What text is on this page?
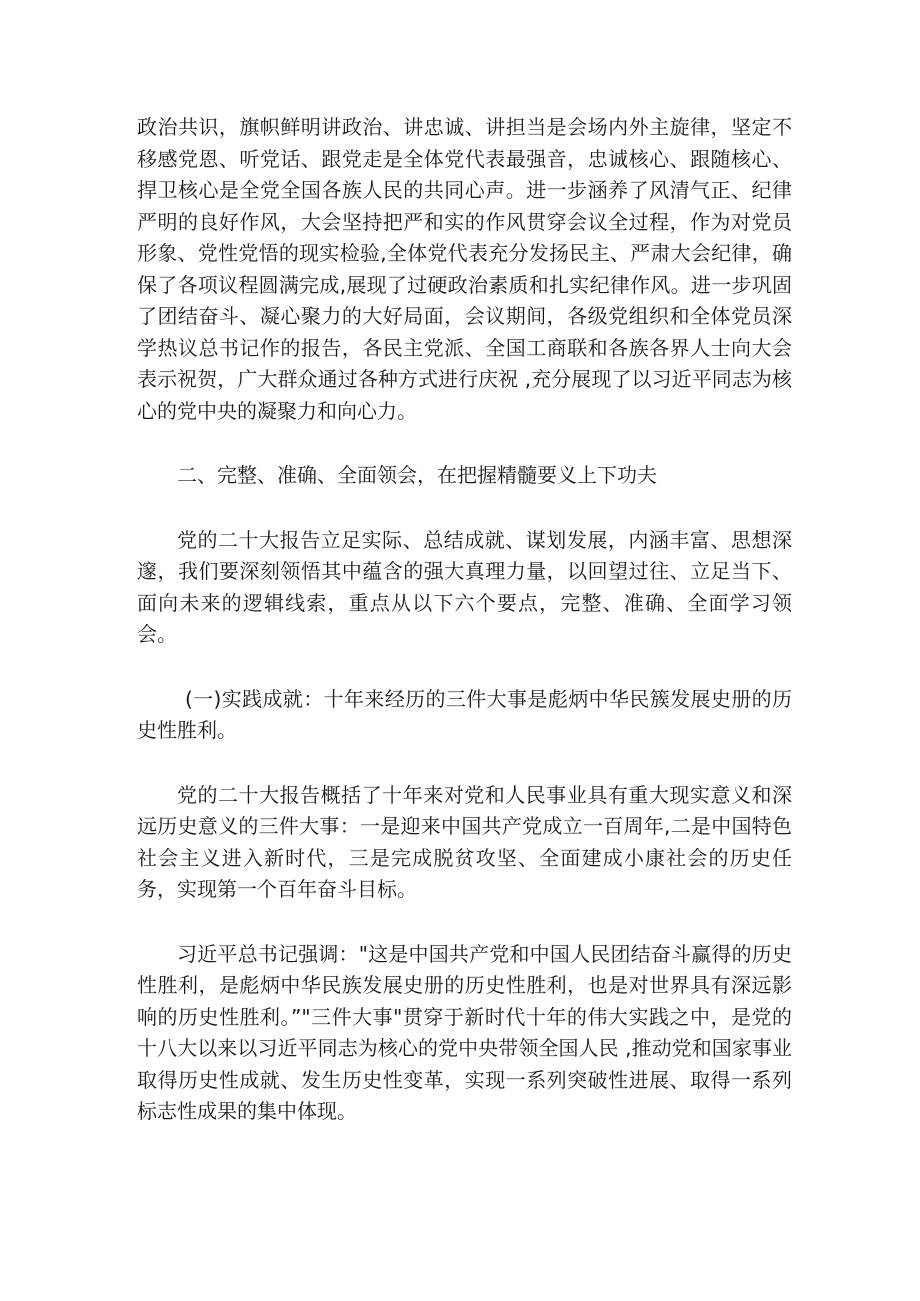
政治共识，旗帜鲜明讲政治、讲忠诚、讲担当是会场内外主旋律，坚定不移感党恩、听党话、跟党走是全体党代表最强音，忠诚核心、跟随核心、捍卫核心是全党全国各族人民的共同心声。进一步涵养了风清气正、纪律严明的良好作风，大会坚持把严和实的作风贯穿会议全过程，作为对党员形象、党性党悟的现实检验,全体党代表充分发扬民主、严肃大会纪律，确保了各项议程圆满完成,展现了过硬政治素质和扎实纪律作风。进一步巩固了团结奋斗、凝心聚力的大好局面，会议期间，各级党组织和全体党员深学热议总书记作的报告，各民主党派、全国工商联和各族各界人士向大会表示祝贺，广大群众通过各种方式进行庆祝 ,充分展现了以习近平同志为核心的党中央的凝聚力和向心力。

二、完整、准确、全面领会，在把握精髓要义上下功夫

党的二十大报告立足实际、总结成就、谋划发展，内涵丰富、思想深邃，我们要深刻领悟其中蕴含的强大真理力量，以回望过往、立足当下、面向未来的逻辑线索，重点从以下六个要点，完整、准确、全面学习领会。

(一)实践成就：十年来经历的三件大事是彪炳中华民簇发展史册的历史性胜利。

党的二十大报告概括了十年来对党和人民事业具有重大现实意义和深远历史意义的三件大事：一是迎来中国共产党成立一百周年,二是中国特色社会主义进入新时代，三是完成脱贫攻坚、全面建成小康社会的历史任务，实现第一个百年奋斗目标。

习近平总书记强调："这是中国共产党和中国人民团结奋斗赢得的历史性胜利，是彪炳中华民族发展史册的历史性胜利，也是对世界具有深远影响的历史性胜利。”"三件大事"贯穿于新时代十年的伟大实践之中，是党的十八大以来以习近平同志为核心的党中央带领全国人民 ,推动党和国家事业取得历史性成就、发生历史性变革，实现一系列突破性进展、取得一系列标志性成果的集中体现。
